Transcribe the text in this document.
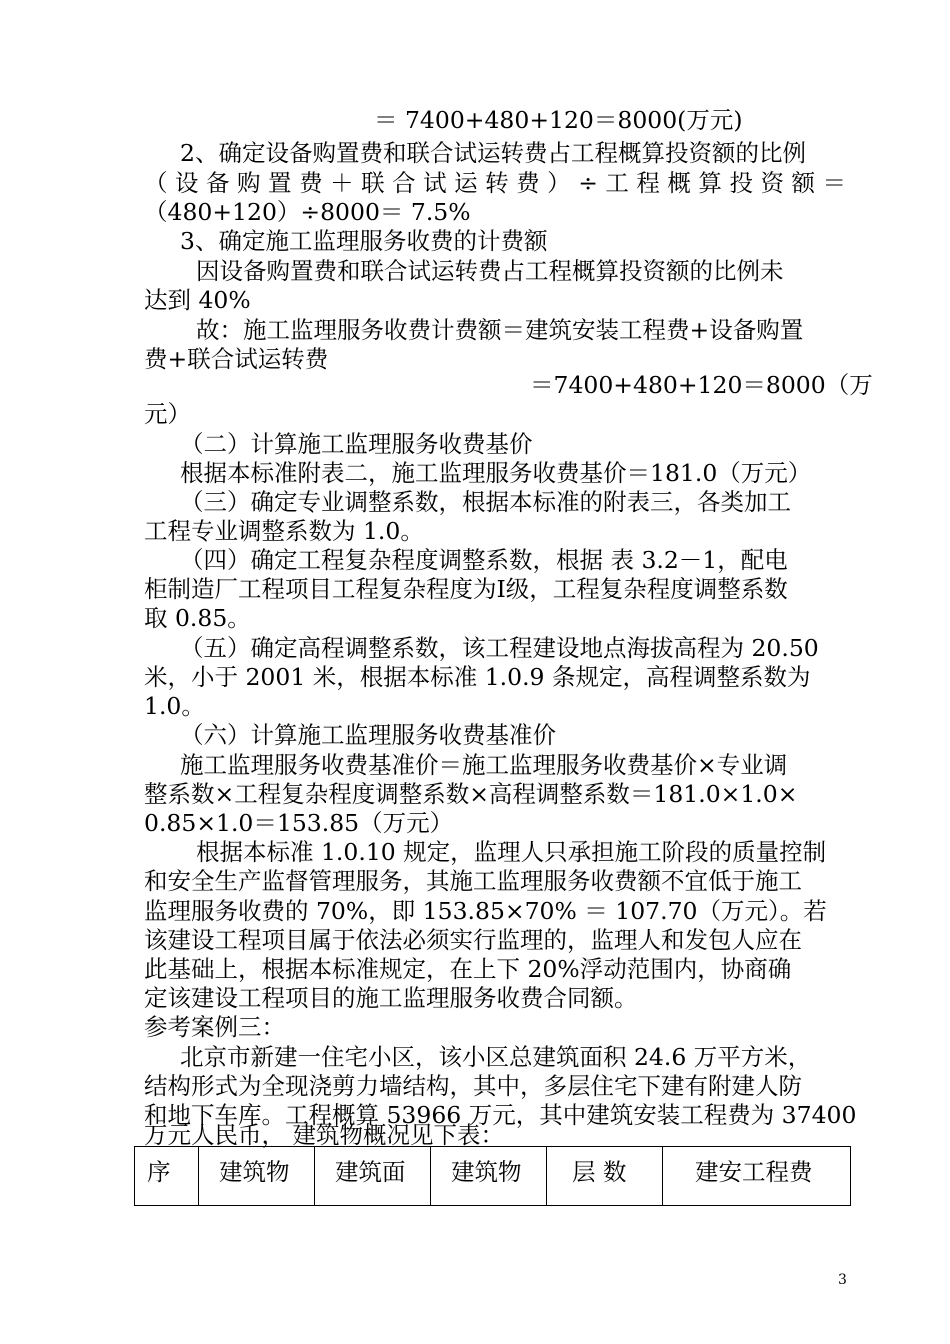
＝ 7400+480+120＝8000(万元)
2、确定设备购置费和联合试运转费占工程概算投资额的比例
（设备购置费＋联合试运转费）÷工程概算投资额＝
（480+120）÷8000＝ 7.5%
3、确定施工监理服务收费的计费额
因设备购置费和联合试运转费占工程概算投资额的比例未
达到 40%
故：施工监理服务收费计费额＝建筑安装工程费+设备购置
费+联合试运转费
＝7400+480+120＝8000（万
元）
（二）计算施工监理服务收费基价
根据本标准附表二，施工监理服务收费基价＝181.0（万元）
（三）确定专业调整系数，根据本标准的附表三，各类加工
工程专业调整系数为 1.0。
（四）确定工程复杂程度调整系数，根据 表 3.2－1，配电
柜制造厂工程项目工程复杂程度为Ⅰ级，工程复杂程度调整系数
取 0.85。
（五）确定高程调整系数，该工程建设地点海拔高程为 20.50
米，小于 2001 米，根据本标准 1.0.9 条规定，高程调整系数为
1.0。
（六）计算施工监理服务收费基准价
施工监理服务收费基准价＝施工监理服务收费基价×专业调
整系数×工程复杂程度调整系数×高程调整系数＝181.0×1.0×
0.85×1.0＝153.85（万元）
根据本标准 1.0.10 规定，监理人只承担施工阶段的质量控制
和安全生产监督管理服务，其施工监理服务收费额不宜低于施工
监理服务收费的 70%，即 153.85×70% ＝ 107.70（万元）。若
该建设工程项目属于依法必须实行监理的，监理人和发包人应在
此基础上，根据本标准规定，在上下 20%浮动范围内，协商确
定该建设工程项目的施工监理服务收费合同额。
参考案例三：
北京市新建一住宅小区，该小区总建筑面积 24.6 万平方米，
结构形式为全现浇剪力墙结构，其中，多层住宅下建有附建人防
和地下车库。工程概算 53966 万元，其中建筑安装工程费为 37400
万元人民币， 建筑物概况见下表：
序	建筑物	建筑面	建筑物	层 数	建安工程费
3
